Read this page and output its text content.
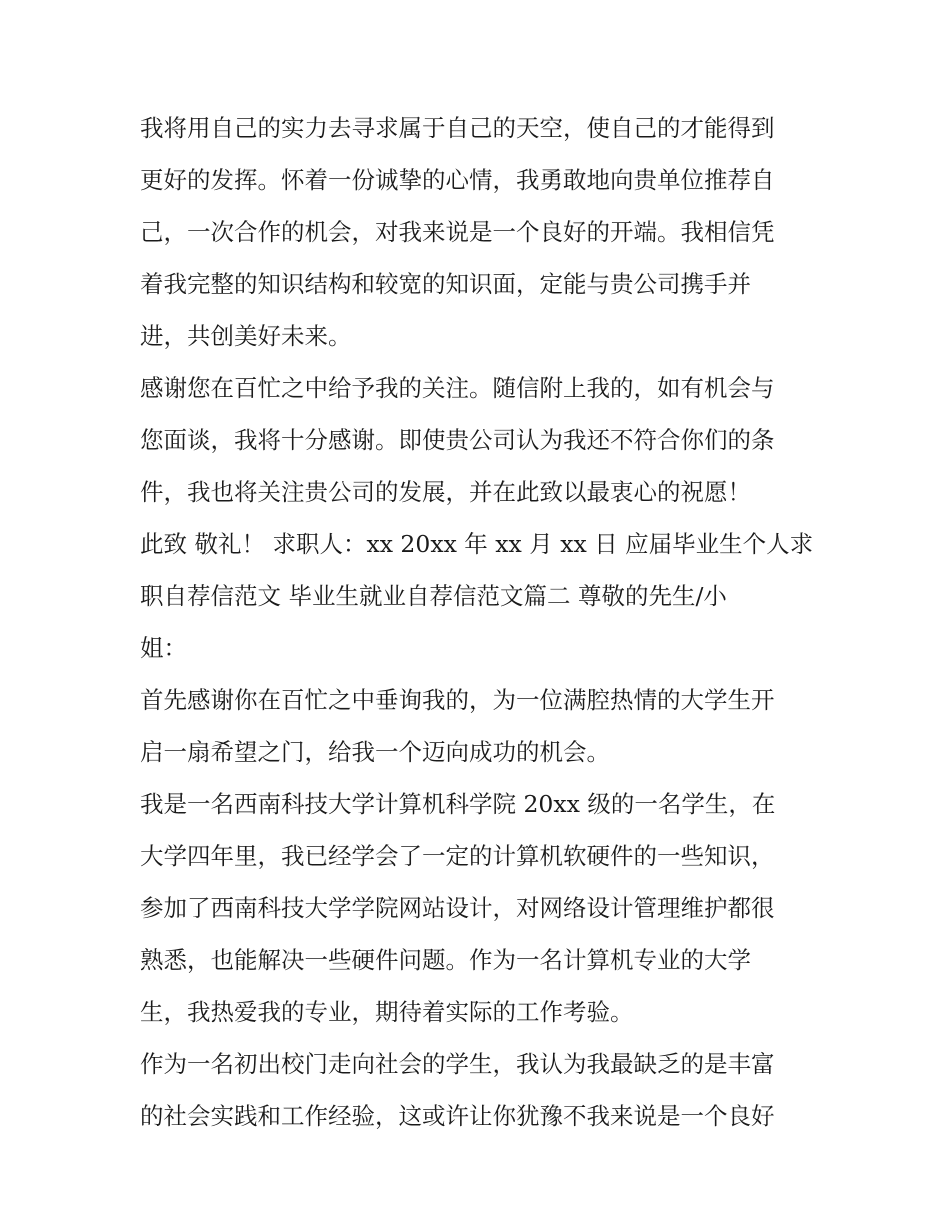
我将用自己的实力去寻求属于自己的天空，使自己的才能得到
更好的发挥。怀着一份诚挚的心情，我勇敢地向贵单位推荐自
己，一次合作的机会，对我来说是一个良好的开端。我相信凭
着我完整的知识结构和较宽的知识面，定能与贵公司携手并
进，共创美好未来。
感谢您在百忙之中给予我的关注。随信附上我的，如有机会与
您面谈，我将十分感谢。即使贵公司认为我还不符合你们的条
件，我也将关注贵公司的发展，并在此致以最衷心的祝愿！
此致 敬礼！ 求职人：xx 20xx 年 xx 月 xx 日 应届毕业生个人求
职自荐信范文 毕业生就业自荐信范文篇二 尊敬的先生/小
姐：
首先感谢你在百忙之中垂询我的，为一位满腔热情的大学生开
启一扇希望之门，给我一个迈向成功的机会。
我是一名西南科技大学计算机科学院 20xx 级的一名学生，在
大学四年里，我已经学会了一定的计算机软硬件的一些知识，
参加了西南科技大学学院网站设计，对网络设计管理维护都很
熟悉，也能解决一些硬件问题。作为一名计算机专业的大学
生，我热爱我的专业，期待着实际的工作考验。
作为一名初出校门走向社会的学生，我认为我最缺乏的是丰富
的社会实践和工作经验，这或许让你犹豫不我来说是一个良好
